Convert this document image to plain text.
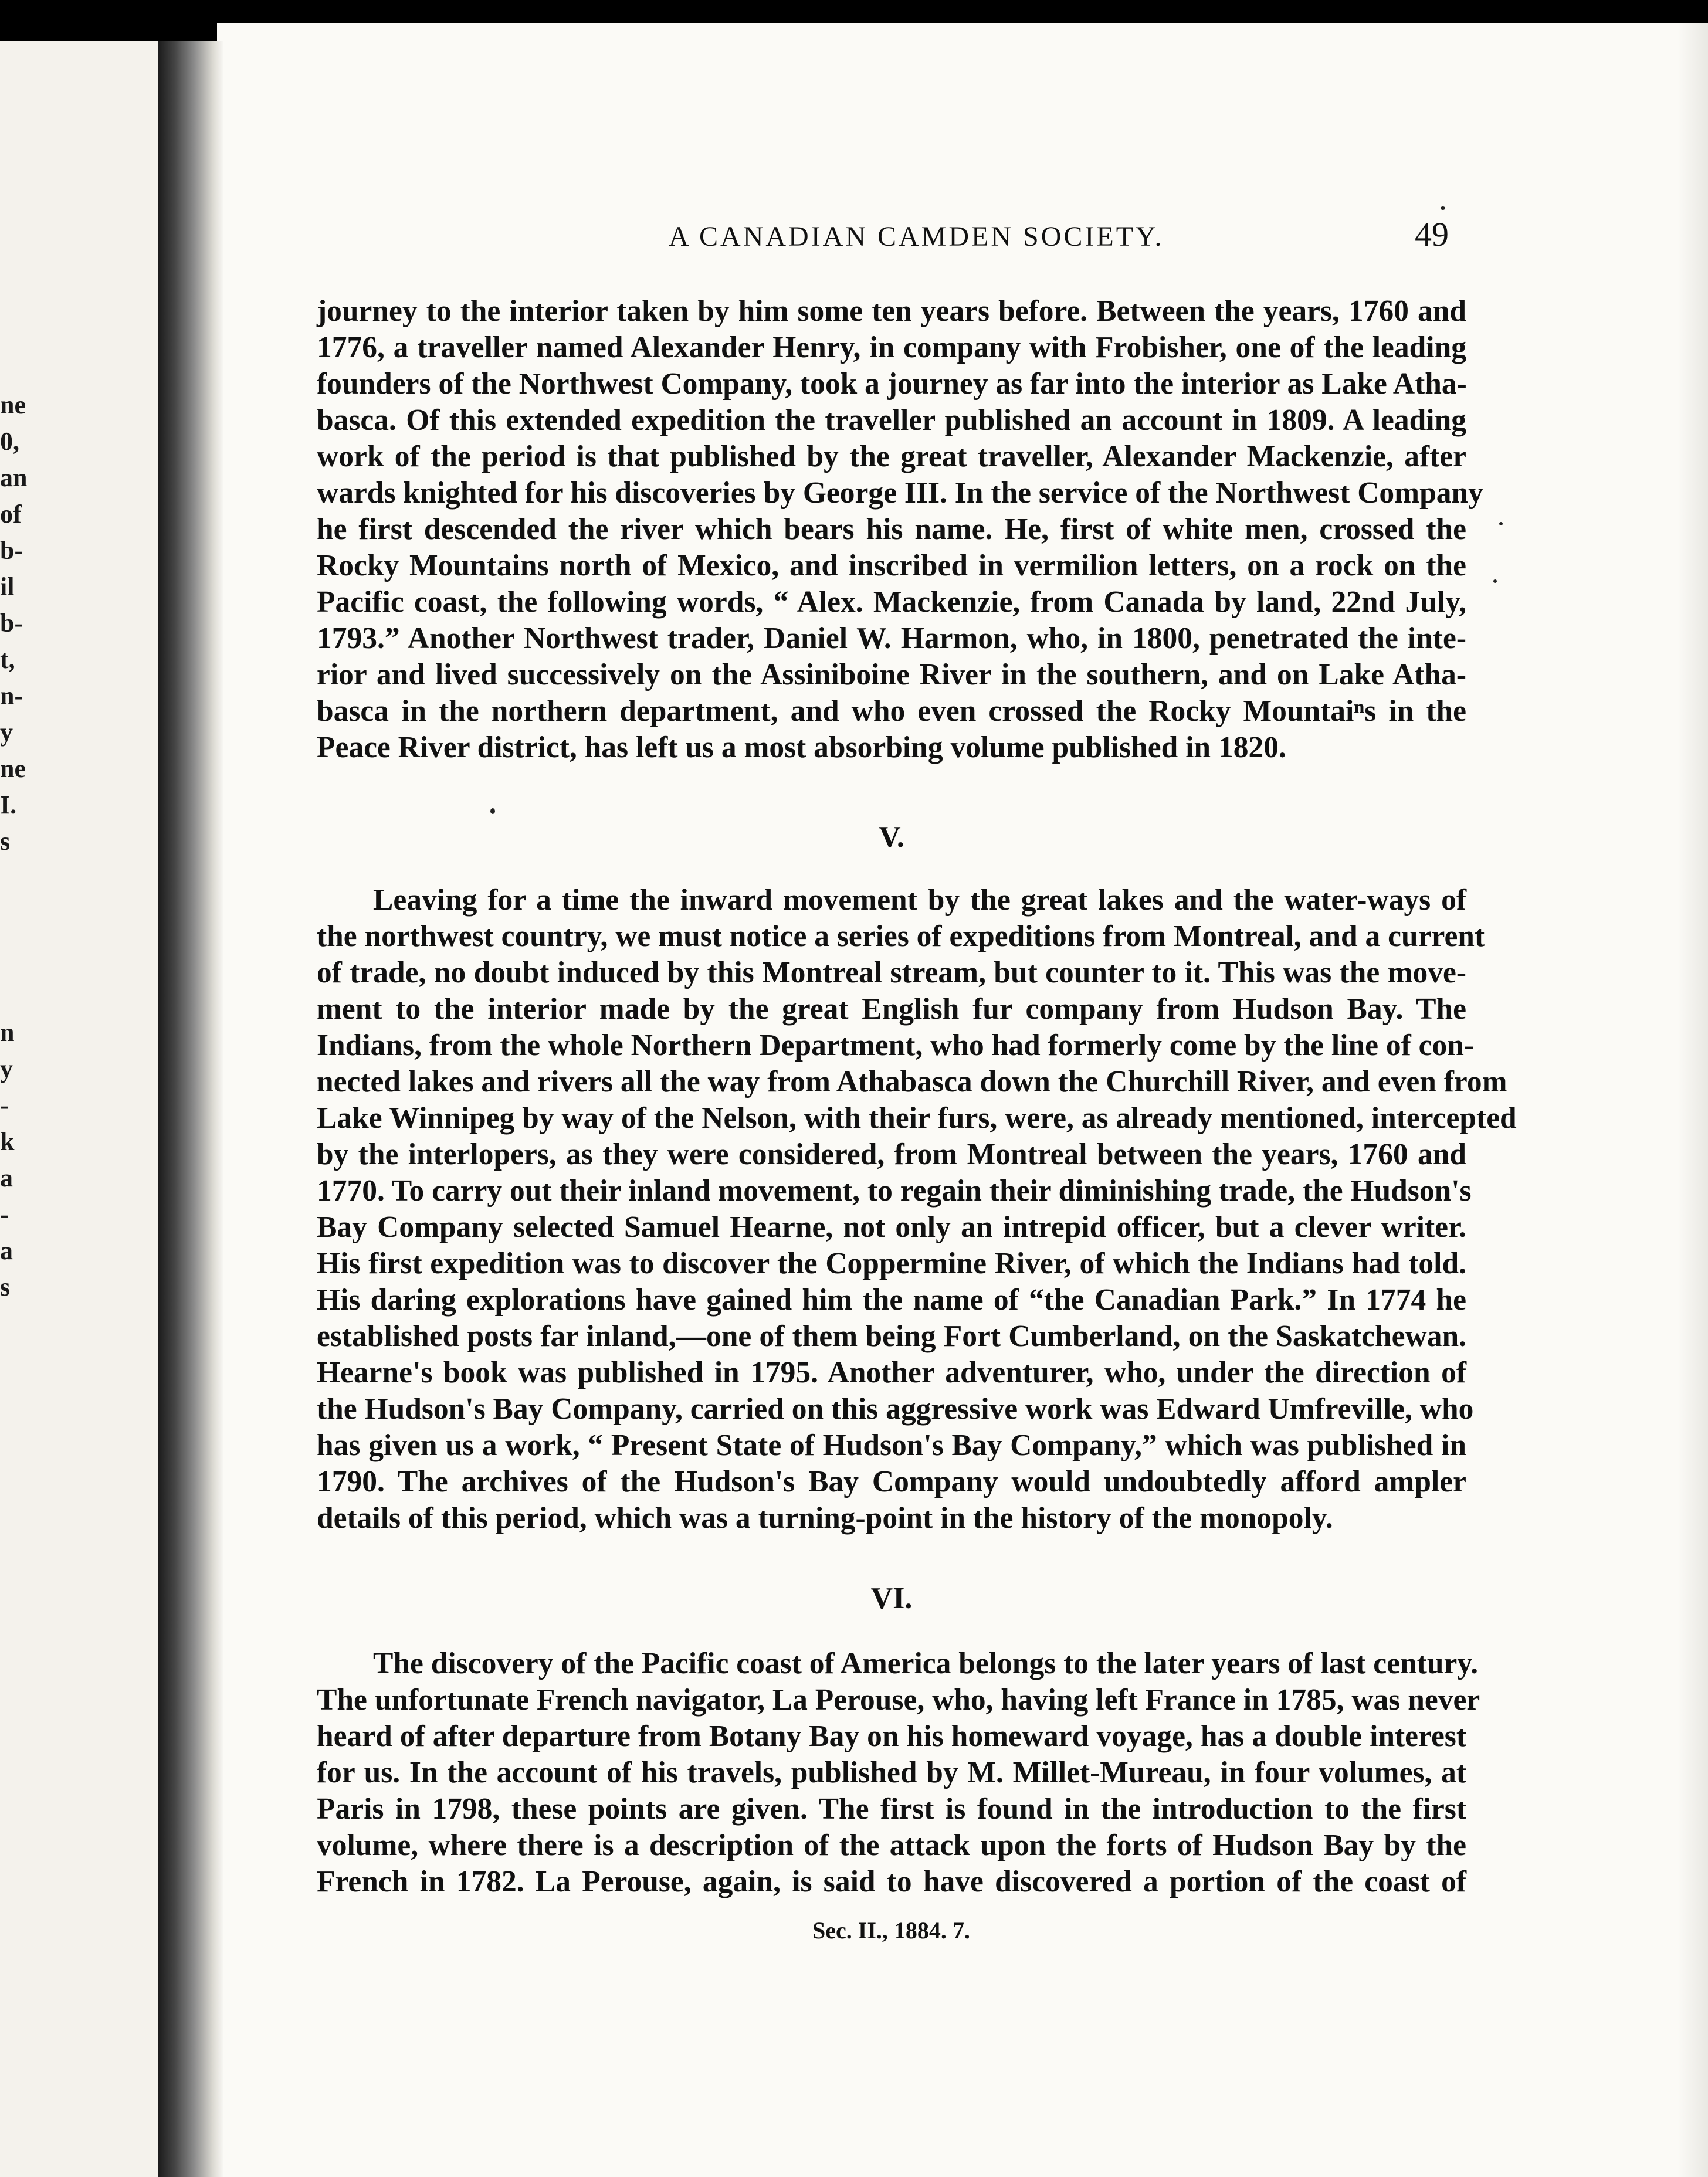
ne
0,
an
of
b-
il
b-
t,
n-
y
ne
I.
s
n
y
-
k
a
-
a
s
A CANADIAN CAMDEN SOCIETY.	49
journey to the interior taken by him some ten years before. Between the years, 1760 and
1776, a traveller named Alexander Henry, in company with Frobisher, one of the leading
founders of the Northwest Company, took a journey as far into the interior as Lake Atha-
basca. Of this extended expedition the traveller published an account in 1809. A leading
work of the period is that published by the great traveller, Alexander Mackenzie, after
wards knighted for his discoveries by George III. In the service of the Northwest Company
he first descended the river which bears his name. He, first of white men, crossed the
Rocky Mountains north of Mexico, and inscribed in vermilion letters, on a rock on the
Pacific coast, the following words, “ Alex. Mackenzie, from Canada by land, 22nd July,
1793.” Another Northwest trader, Daniel W. Harmon, who, in 1800, penetrated the inte-
rior and lived successively on the Assiniboine River in the southern, and on Lake Atha-
basca in the northern department, and who even crossed the Rocky Mountaiⁿs in the
Peace River district, has left us a most absorbing volume published in 1820.
V.
Leaving for a time the inward movement by the great lakes and the water-ways of
the northwest country, we must notice a series of expeditions from Montreal, and a current
of trade, no doubt induced by this Montreal stream, but counter to it. This was the move-
ment to the interior made by the great English fur company from Hudson Bay. The
Indians, from the whole Northern Department, who had formerly come by the line of con-
nected lakes and rivers all the way from Athabasca down the Churchill River, and even from
Lake Winnipeg by way of the Nelson, with their furs, were, as already mentioned, intercepted
by the interlopers, as they were considered, from Montreal between the years, 1760 and
1770. To carry out their inland movement, to regain their diminishing trade, the Hudson's
Bay Company selected Samuel Hearne, not only an intrepid officer, but a clever writer.
His first expedition was to discover the Coppermine River, of which the Indians had told.
His daring explorations have gained him the name of “the Canadian Park.” In 1774 he
established posts far inland,—one of them being Fort Cumberland, on the Saskatchewan.
Hearne's book was published in 1795. Another adventurer, who, under the direction of
the Hudson's Bay Company, carried on this aggressive work was Edward Umfreville, who
has given us a work, “ Present State of Hudson's Bay Company,” which was published in
1790. The archives of the Hudson's Bay Company would undoubtedly afford ampler
details of this period, which was a turning-point in the history of the monopoly.
VI.
The discovery of the Pacific coast of America belongs to the later years of last century.
The unfortunate French navigator, La Perouse, who, having left France in 1785, was never
heard of after departure from Botany Bay on his homeward voyage, has a double interest
for us. In the account of his travels, published by M. Millet-Mureau, in four volumes, at
Paris in 1798, these points are given. The first is found in the introduction to the first
volume, where there is a description of the attack upon the forts of Hudson Bay by the
French in 1782. La Perouse, again, is said to have discovered a portion of the coast of
Sec. II., 1884. 7.
